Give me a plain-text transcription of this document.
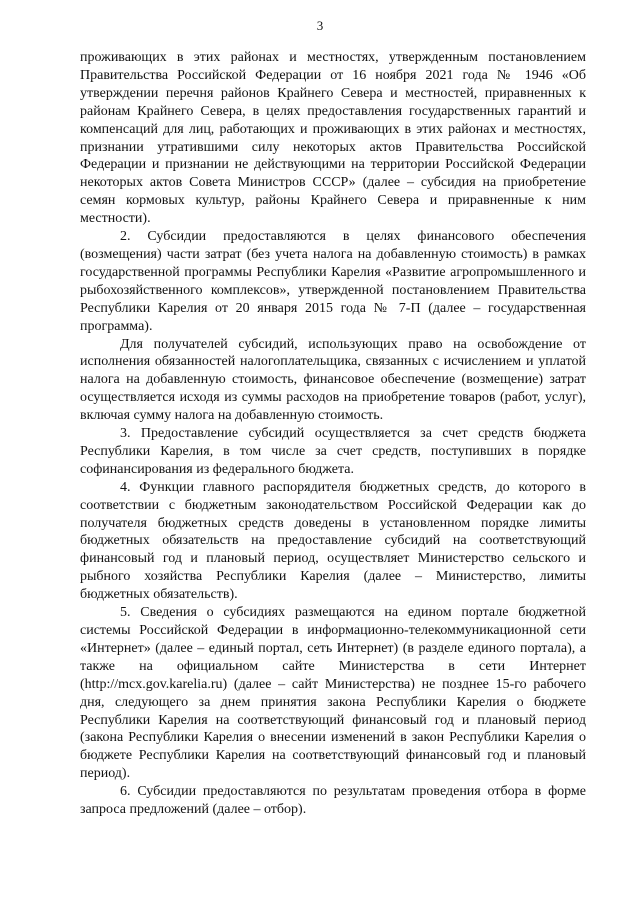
3

проживающих в этих районах и местностях, утвержденным постановлением Правительства Российской Федерации от 16 ноября 2021 года № 1946 «Об утверждении перечня районов Крайнего Севера и местностей, приравненных к районам Крайнего Севера, в целях предоставления государственных гарантий и компенсаций для лиц, работающих и проживающих в этих районах и местностях, признании утратившими силу некоторых актов Правительства Российской Федерации и признании не действующими на территории Российской Федерации некоторых актов Совета Министров СССР» (далее – субсидия на приобретение семян кормовых культур, районы Крайнего Севера и приравненные к ним местности).

2. Субсидии предоставляются в целях финансового обеспечения (возмещения) части затрат (без учета налога на добавленную стоимость) в рамках государственной программы Республики Карелия «Развитие агропромышленного и рыбохозяйственного комплексов», утвержденной постановлением Правительства Республики Карелия от 20 января 2015 года № 7-П (далее – государственная программа).

Для получателей субсидий, использующих право на освобождение от исполнения обязанностей налогоплательщика, связанных с исчислением и уплатой налога на добавленную стоимость, финансовое обеспечение (возмещение) затрат осуществляется исходя из суммы расходов на приобретение товаров (работ, услуг), включая сумму налога на добавленную стоимость.

3. Предоставление субсидий осуществляется за счет средств бюджета Республики Карелия, в том числе за счет средств, поступивших в порядке софинансирования из федерального бюджета.

4. Функции главного распорядителя бюджетных средств, до которого в соответствии с бюджетным законодательством Российской Федерации как до получателя бюджетных средств доведены в установленном порядке лимиты бюджетных обязательств на предоставление субсидий на соответствующий финансовый год и плановый период, осуществляет Министерство сельского и рыбного хозяйства Республики Карелия (далее – Министерство, лимиты бюджетных обязательств).

5. Сведения о субсидиях размещаются на едином портале бюджетной системы Российской Федерации в информационно-телекоммуникационной сети «Интернет» (далее – единый портал, сеть Интернет) (в разделе единого портала), а также на официальном сайте Министерства в сети Интернет (http://mcx.gov.karelia.ru) (далее – сайт Министерства) не позднее 15-го рабочего дня, следующего за днем принятия закона Республики Карелия о бюджете Республики Карелия на соответствующий финансовый год и плановый период (закона Республики Карелия о внесении изменений в закон Республики Карелия о бюджете Республики Карелия на соответствующий финансовый год и плановый период).

6. Субсидии предоставляются по результатам проведения отбора в форме запроса предложений (далее – отбор).
